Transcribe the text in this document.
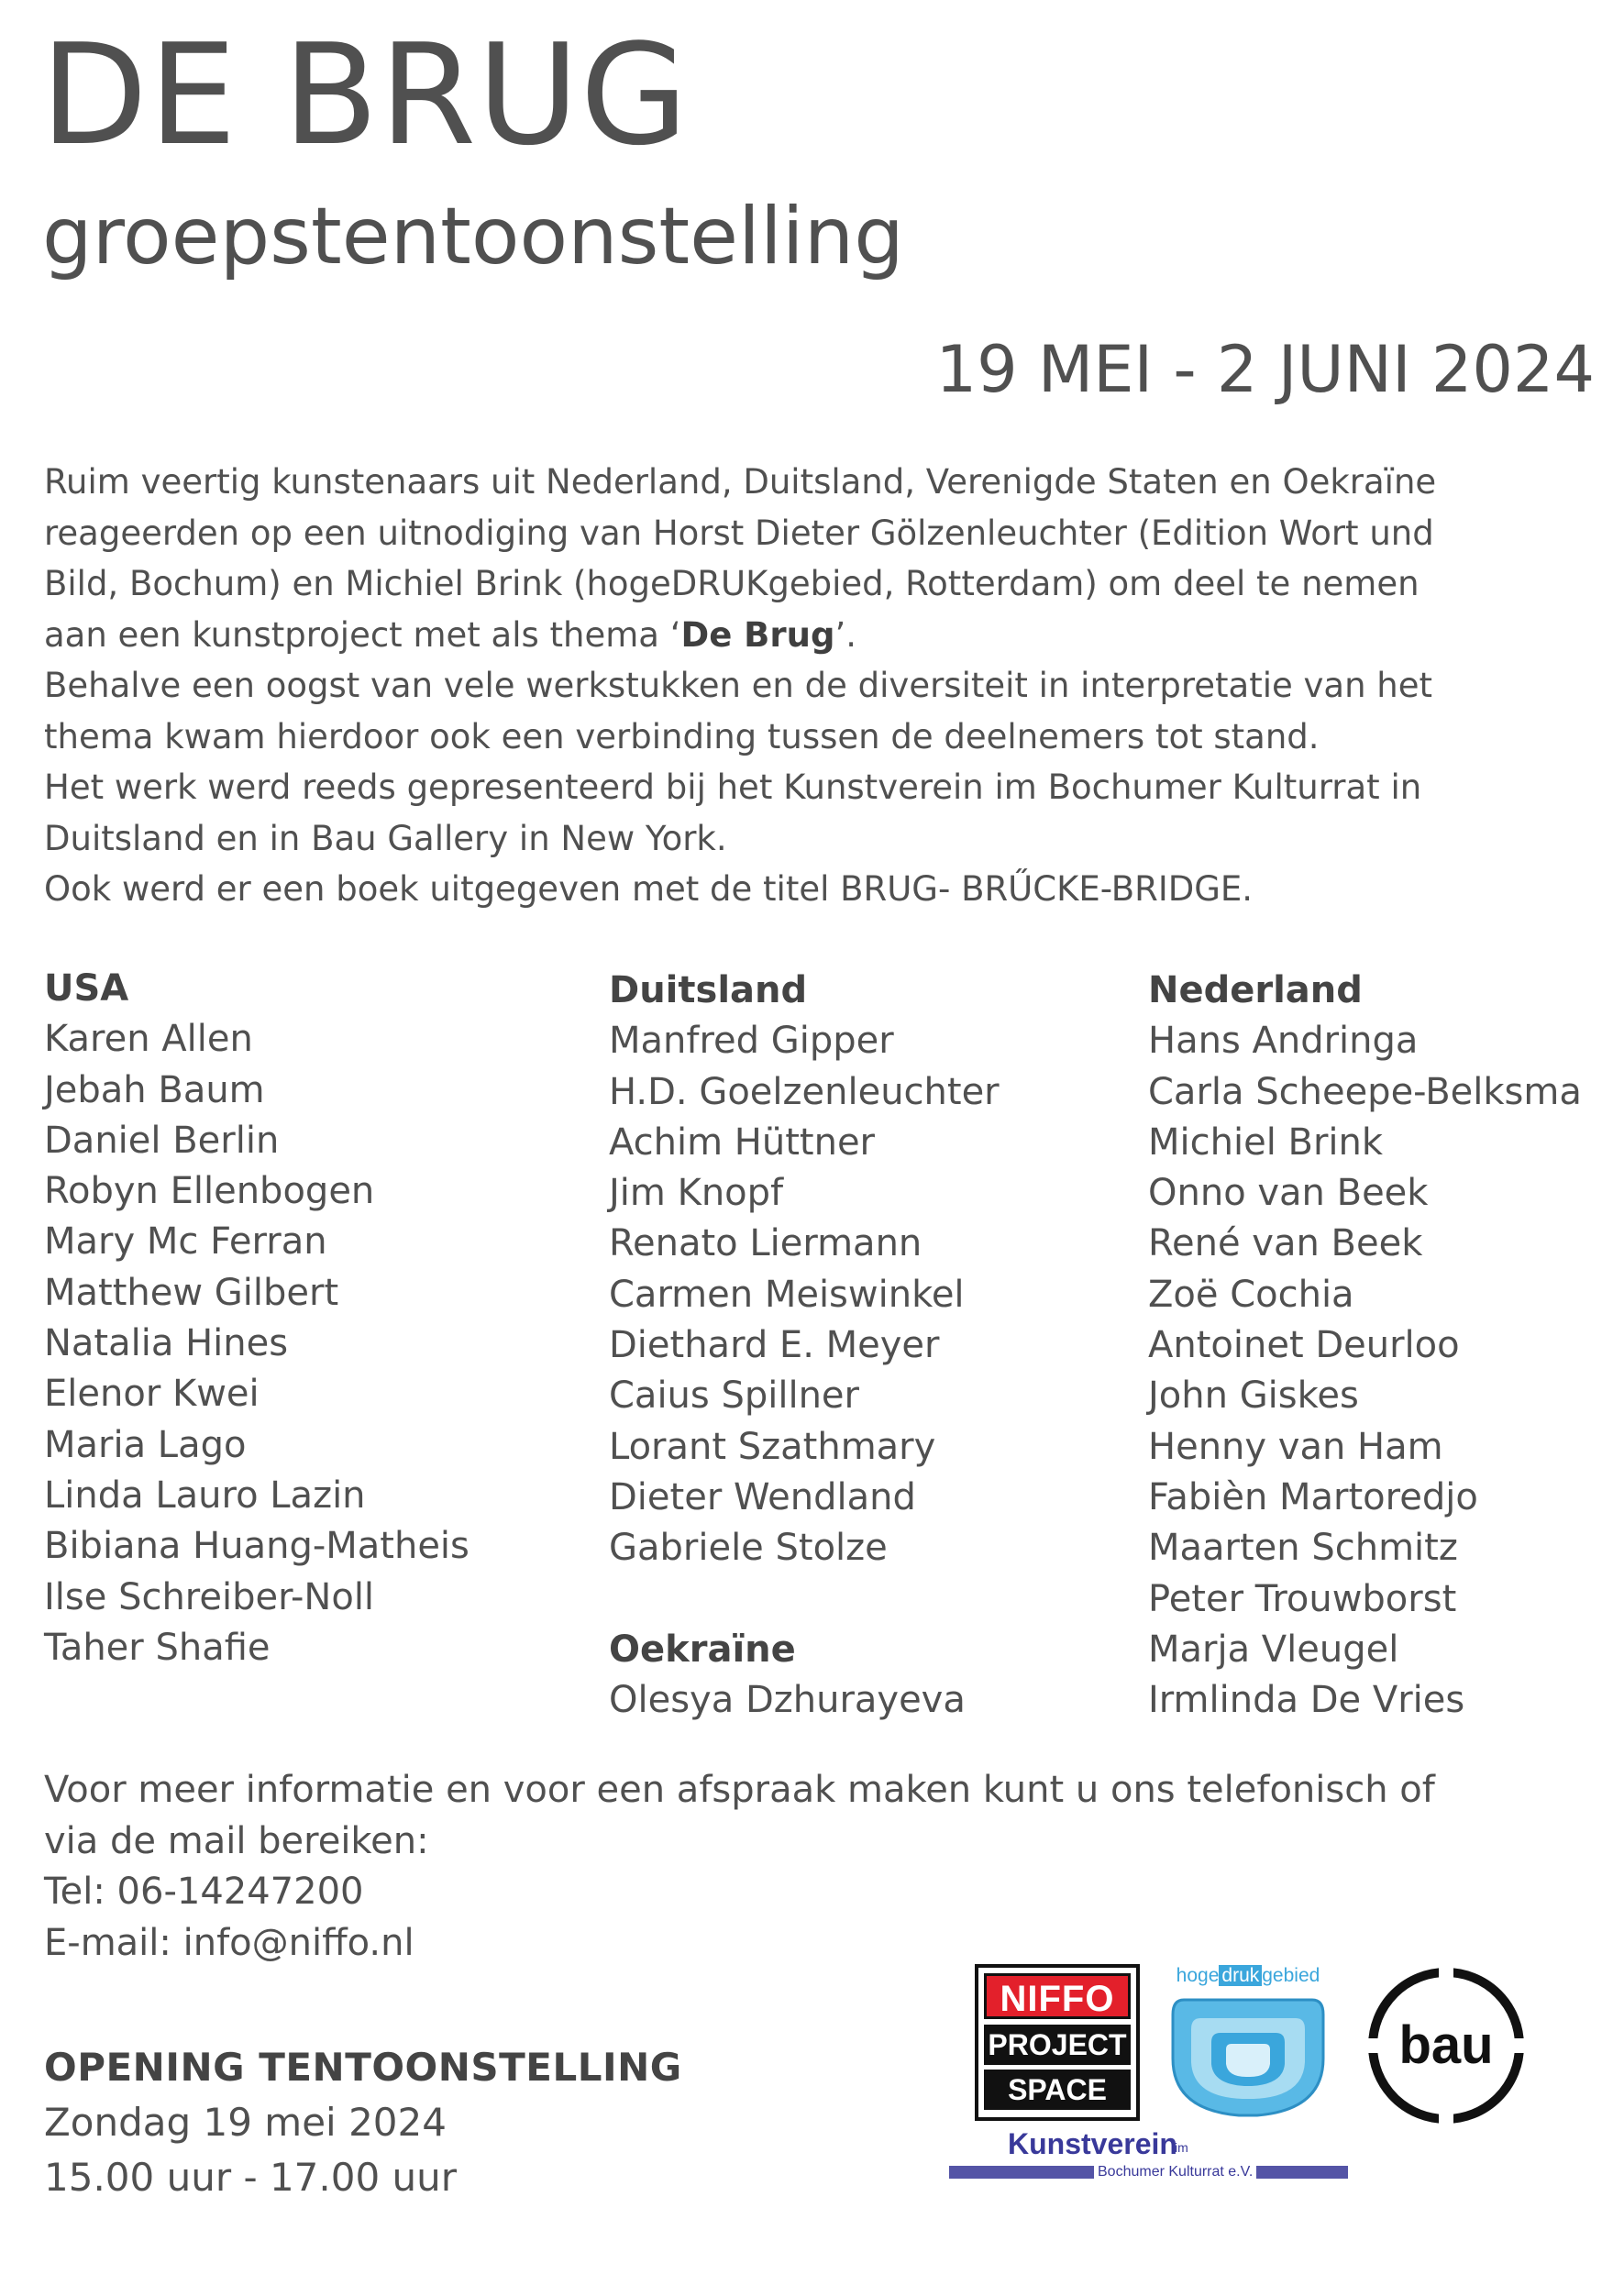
DE BRUG
groepstentoonstelling
19 MEI - 2 JUNI 2024

Ruim veertig kunstenaars uit Nederland, Duitsland, Verenigde Staten en Oekraïne

reageerden op een uitnodiging van Horst Dieter Gölzenleuchter (Edition Wort und

Bild, Bochum) en Michiel Brink (hogeDRUKgebied, Rotterdam) om deel te nemen

aan een kunstproject met als thema ‘De Brug’.

Behalve een oogst van vele werkstukken en de diversiteit in interpretatie van het

thema kwam hierdoor ook een verbinding tussen de deelnemers tot stand.

Het werk werd reeds gepresenteerd bij het Kunstverein im Bochumer Kulturrat in

Duitsland en in Bau Gallery in New York.

Ook werd er een boek uitgegeven met de titel BRUG- BRŰCKE-BRIDGE.

USA
Karen Allen
Jebah Baum
Daniel Berlin
Robyn Ellenbogen
Mary Mc Ferran
Matthew Gilbert
Natalia Hines
Elenor Kwei
Maria Lago
Linda Lauro Lazin
Bibiana Huang-Matheis
Ilse Schreiber-Noll
Taher Shafie
Duitsland
Manfred Gipper
H.D. Goelzenleuchter
Achim Hüttner
Jim Knopf
Renato Liermann
Carmen Meiswinkel
Diethard E. Meyer
Caius Spillner
Lorant Szathmary
Dieter Wendland
Gabriele Stolze
Oekraïne
Olesya Dzhurayeva
Nederland
Hans Andringa
Carla Scheepe-Belksma
Michiel Brink
Onno van Beek
René van Beek
Zoë Cochia
Antoinet Deurloo
John Giskes
Henny van Ham
Fabièn Martoredjo
Maarten Schmitz
Peter Trouwborst
Marja Vleugel
Irmlinda De Vries
Voor meer informatie en voor een afspraak maken kunt u ons telefonisch of
via de mail bereiken:
Tel: 06-14247200
E-mail: info@niffo.nl
OPENING TENTOONSTELLING
Zondag 19 mei 2024
15.00 uur - 17.00 uur
NIFFO
PROJECT
SPACE
hoge druk gebied
bau
Kunstverein
im
Bochumer Kulturrat e.V.
